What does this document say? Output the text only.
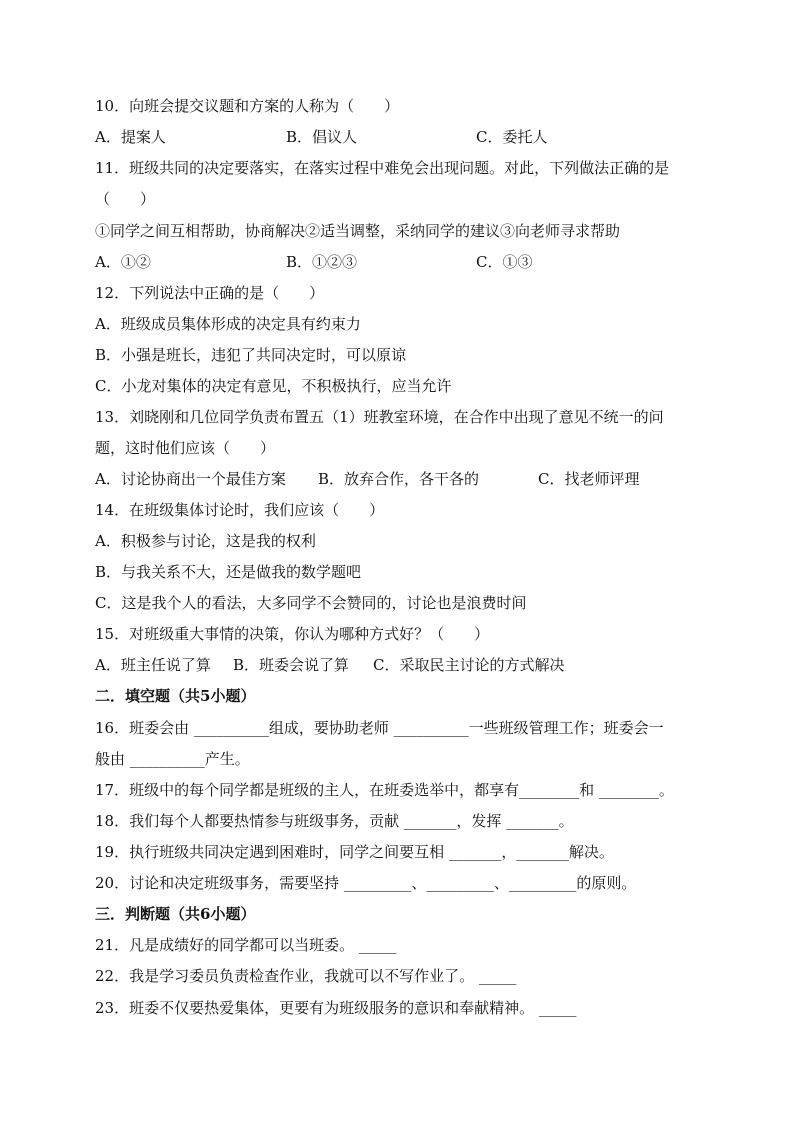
10．向班会提交议题和方案的人称为（　　）
A．提案人	B．倡议人	C．委托人
11．班级共同的决定要落实，在落实过程中难免会出现问题。对此，下列做法正确的是
（　　）
①同学之间互相帮助，协商解决②适当调整，采纳同学的建议③向老师寻求帮助
A．①②	B．①②③	C．①③
12．下列说法中正确的是（　　）
A．班级成员集体形成的决定具有约束力
B．小强是班长，违犯了共同决定时，可以原谅
C．小龙对集体的决定有意见，不积极执行，应当允许
13．刘晓刚和几位同学负责布置五（1）班教室环境，在合作中出现了意见不统一的问
题，这时他们应该（　　）
A．讨论协商出一个最佳方案 B．放弃合作，各干各的	C．找老师评理
14．在班级集体讨论时，我们应该（　　）
A．积极参与讨论，这是我的权利
B．与我关系不大，还是做我的数学题吧
C．这是我个人的看法，大多同学不会赞同的，讨论也是浪费时间
15．对班级重大事情的决策，你认为哪种方式好？（　　）
A．班主任说了算 B．班委会说了算 C．采取民主讨论的方式解决
二．填空题（共5小题）
16．班委会由 __________组成，要协助老师 __________一些班级管理工作；班委会一
般由 __________产生。
17．班级中的每个同学都是班级的主人，在班委选举中，都享有________和 ________。
18．我们每个人都要热情参与班级事务，贡献 _______，发挥 _______。
19．执行班级共同决定遇到困难时，同学之间要互相 _______，_______解决。
20．讨论和决定班级事务，需要坚持 _________、_________、_________的原则。
三．判断题（共6小题）
21．凡是成绩好的同学都可以当班委。 _____
22．我是学习委员负责检查作业，我就可以不写作业了。 _____
23．班委不仅要热爱集体，更要有为班级服务的意识和奉献精神。 _____
